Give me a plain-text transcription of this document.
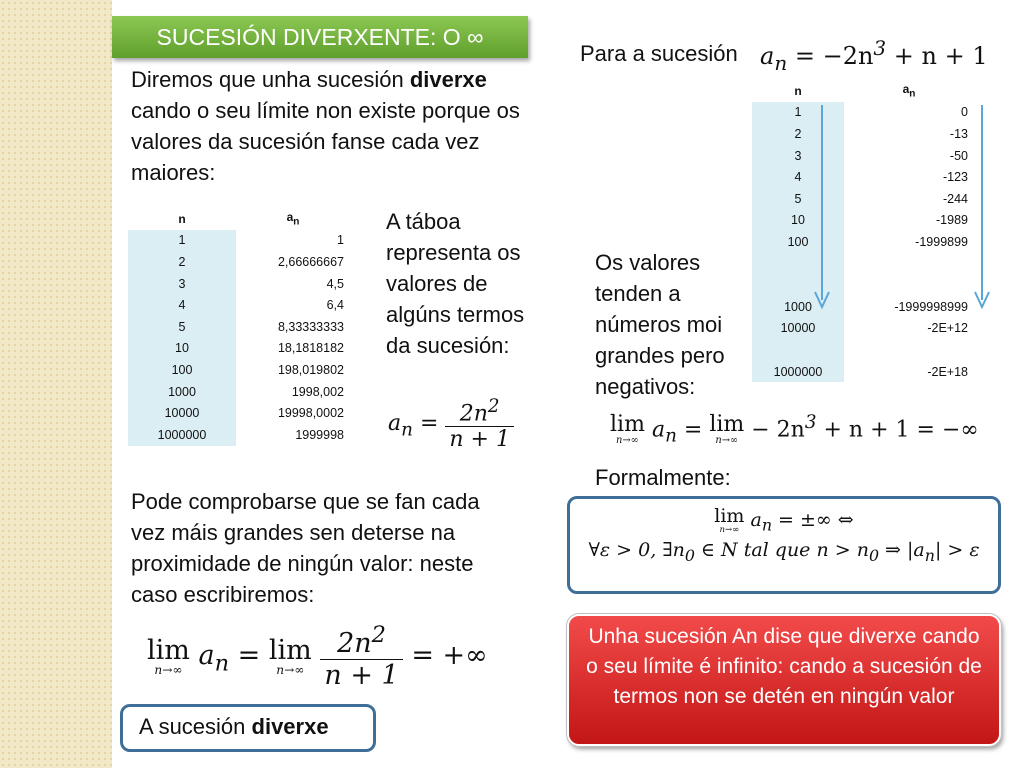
SUCESIÓN DIVERXENTE: O ∞
Diremos que unha sucesión diverxe cando o seu límite non existe porque os valores da sucesión fanse cada vez maiores:
n	$a_n$
1	1
2	2,66666667
3	4,5
4	6,4
5	8,33333333
10	18,1818182
100	198,019802
1000	1998,002
10000	19998,0002
1000000	1999998
A táboa representa os valores de algúns termos da sucesión:
$a_n = \frac{2n^2}{n + 1}$
Pode comprobarse que se fan cada vez máis grandes sen deterse na proximidade de ningún valor: neste caso escribiremos:
lim
n→∞ $a_n = \lim$
n→∞
$\frac{2n^2}{n + 1}$ = +∞
A sucesión diverxe
Para a sucesión $a_n = -2n^3 + n + 1$
n	$a_n$
1	0
2	-13
3	-50
4	-123
5	-244
10	-1989
100	-1999899

1000	-1999998999
10000	-2E+12

1000000	-2E+18
Os valores tenden a números moi grandes pero negativos:
lim
n→∞ $a_n = \lim$
$n\to\infty - 2n^3 + n + 1$ = −∞
Formalmente:
lim
n→∞ $a_n$ = ±∞ ⇔
∀ε > 0, $\exists n_0$ ∈ N tal que $n > n_0$ ⇒ $|a_n| > \varepsilon$
Unha sucesión An dise que diverxe cando o seu límite é infinito: cando a sucesión de termos non se detén en ningún valor
